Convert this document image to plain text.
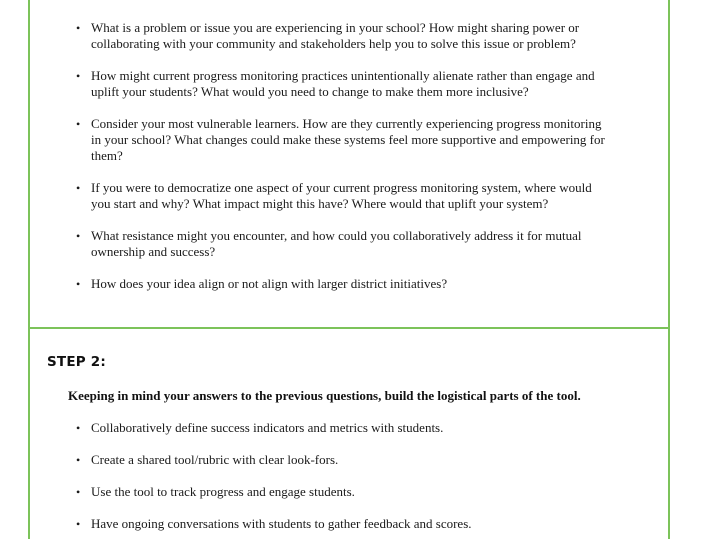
• What is a problem or issue you are experiencing in your school? How might sharing power or collaborating with your community and stakeholders help you to solve this issue or problem?
• How might current progress monitoring practices unintentionally alienate rather than engage and uplift your students? What would you need to change to make them more inclusive?
• Consider your most vulnerable learners. How are they currently experiencing progress monitoring in your school? What changes could make these systems feel more supportive and empowering for them?
• If you were to democratize one aspect of your current progress monitoring system, where would you start and why? What impact might this have? Where would that uplift your system?
• What resistance might you encounter, and how could you collaboratively address it for mutual ownership and success?
• How does your idea align or not align with larger district initiatives?
STEP 2:
Keeping in mind your answers to the previous questions, build the logistical parts of the tool.
• Collaboratively define success indicators and metrics with students.
• Create a shared tool/rubric with clear look-fors.
• Use the tool to track progress and engage students.
• Have ongoing conversations with students to gather feedback and scores.
